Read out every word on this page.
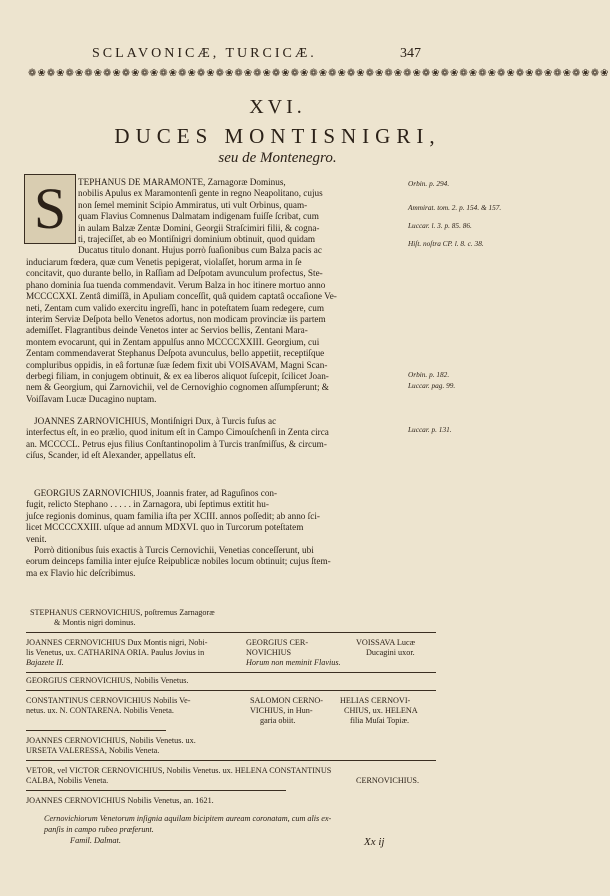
SCLAVONICÆ, TURCICÆ.	347
❁❀❁❀❁❀❁❀❁❀❁❀❁❀❁❀❁❀❁❀❁❀❁❀❁❀❁❀❁❀❁❀❁❀❁❀❁❀❁❀❁❀❁❀❁❀❁❀❁❀❁❀❁❀❁❀❁❀❁❀❁❀
XVI.
DUCES MONTISNIGRI,
seu de Montenegro.
S TEPHANUS DE MARAMONTE, Zarnagoræ Dominus,
nobilis Apulus ex Maramontenſi gente in regno Neapolitano, cujus
non ſemel meminit Scipio Ammiratus, uti vult Orbinus, quam-
quam Flavius Comnenus Dalmatam indigenam fuiſſe ſcribat, cum
in aulam Balzæ Zentæ Domini, Georgii Straſcimiri filii, & cogna-
ti, trajeciſſet, ab eo Montiſnigri dominium obtinuit, quod quidam
Ducatus titulo donant. Hujus porrò ſuaſionibus cum Balza pacis ac
induciarum fœdera, quæ cum Venetis pepigerat, violaſſet, horum arma in ſe
concitavit, quo durante bello, in Raſſiam ad Deſpotam avunculum profectus, Ste-
phano dominia ſua tuenda commendavit. Verum Balza in hoc itinere mortuo anno
MCCCCXXI. Zentâ dimiſſâ, in Apuliam conceſſit, quâ quidem captatâ occaſione Ve-
neti, Zentam cum valido exercitu ingreſſi, hanc in poteſtatem ſuam redegere, cum
interim Serviæ Deſpota bello Venetos adortus, non modicam provinciæ iis partem
ademiſſet. Flagrantibus deinde Venetos inter ac Servios bellis, Zentani Mara-
montem evocarunt, qui in Zentam appulſus anno MCCCCXXIII. Georgium, cui
Zentam commendaverat Stephanus Deſpota avunculus, bello appetiit, receptiſque
compluribus oppidis, in eâ fortunæ ſuæ ſedem fixit ubi VOISAVAM, Magni Scan-
derbegi filiam, in conjugem obtinuit, & ex ea liberos aliquot ſuſcepit, ſcilicet Joan-
nem & Georgium, qui Zarnovichii, vel de Cernovighio cognomen aſſumpſerunt; &
Voiſſavam Lucæ Ducagino nuptam.
JOANNES ZARNOVICHIUS, Montiſnigri Dux, à Turcis fuſus ac
interfectus eſt, in eo prælio, quod initum eſt in Campo Cimouſchenſi in Zenta circa
an. MCCCCL. Petrus ejus filius Conſtantinopolim à Turcis tranſmiſſus, & circum-
ciſus, Scander, id eſt Alexander, appellatus eſt.
GEORGIUS ZARNOVICHIUS, Joannis frater, ad Raguſinos con-
fugit, relicto Stephano . . . . . in Zarnagora, ubi ſeptimus extitit hu-
juſce regionis dominus, quam familia iſta per XCIII. annos poſſedit; ab anno ſci-
licet MCCCCXXIII. uſque ad annum MDXVI. quo in Turcorum poteſtatem
venit.
Porrò ditionibus ſuis exactis à Turcis Cernovichii, Venetias conceſſerunt, ubi
eorum deinceps familia inter ejuſce Reipublicæ nobiles locum obtinuit; cujus ſtem-
ma ex Flavio hic deſcribimus.
Orbin. p. 294.
Ammirat. tom. 2. p. 154. & 157.
Luccar. l. 3. p. 85. 86.
Hiſt. noſtra CP. l. 8. c. 38.
Orbin. p. 182.
Luccar. pag. 99.
Luccar. p. 131.
STEPHANUS CERNOVICHIUS, poſtremus Zarnagoræ
& Montis nigri dominus.
JOANNES CERNOVICHIUS Dux Montis nigri, Nobi-
lis Venetus, ux. CATHARINA ORIA. Paulus Jovius in
Bajazete II.
GEORGIUS CER-
NOVICHIUS
Horum non meminit Flavius.
VOISSAVA Lucæ
Ducagini uxor.
GEORGIUS CERNOVICHIUS, Nobilis Venetus.
CONSTANTINUS CERNOVICHIUS Nobilis Ve-
netus. ux. N. CONTARENA. Nobilis Veneta.
SALOMON CERNO-
VICHIUS, in Hun-
garia obiit.
HELIAS CERNOVI-
CHIUS, ux. HELENA
filia Muſai Topiæ.
JOANNES CERNOVICHIUS, Nobilis Venetus. ux.
URSETA VALERESSA, Nobilis Veneta.
VETOR, vel VICTOR CERNOVICHIUS, Nobilis Venetus. ux. HELENA CONSTANTINUS
CALBA, Nobilis Veneta.	CERNOVICHIUS.
JOANNES CERNOVICHIUS Nobilis Venetus, an. 1621.
Cernovichiorum Venetorum inſignia aquilam bicipitem auream coronatam, cum alis ex-
panſis in campo rubeo præferunt.
Famil. Dalmat.	Xx ij
